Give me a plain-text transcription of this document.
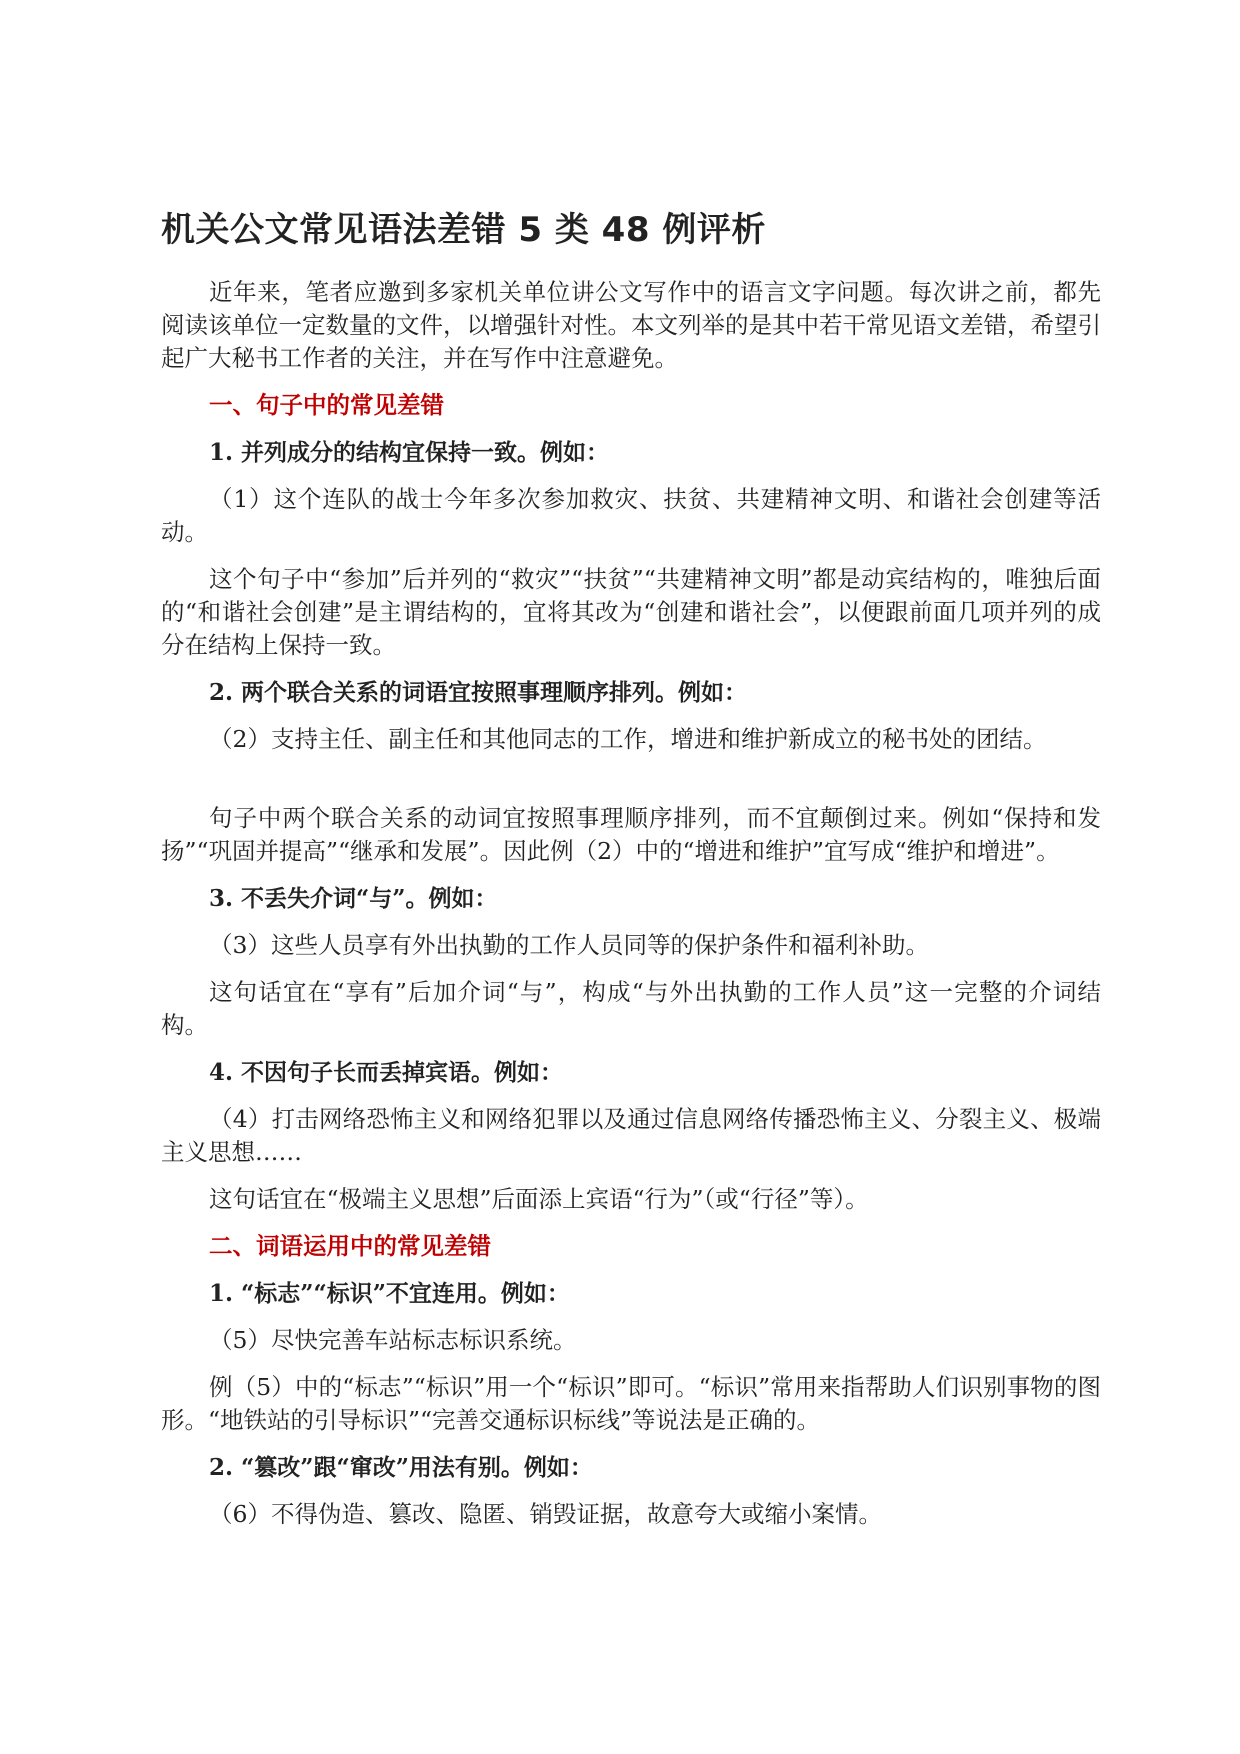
机关公文常见语法差错 5 类 48 例评析

近年来，笔者应邀到多家机关单位讲公文写作中的语言文字问题。每次讲之前，都先阅读该单位一定数量的文件，以增强针对性。本文列举的是其中若干常见语文差错，希望引起广大秘书工作者的关注，并在写作中注意避免。

一、句子中的常见差错

1. 并列成分的结构宜保持一致。例如：

（1）这个连队的战士今年多次参加救灾、扶贫、共建精神文明、和谐社会创建等活动。

这个句子中“参加”后并列的“救灾”“扶贫”“共建精神文明”都是动宾结构的，唯独后面的“和谐社会创建”是主谓结构的，宜将其改为“创建和谐社会”，以便跟前面几项并列的成分在结构上保持一致。

2. 两个联合关系的词语宜按照事理顺序排列。例如：

（2）支持主任、副主任和其他同志的工作，增进和维护新成立的秘书处的团结。

句子中两个联合关系的动词宜按照事理顺序排列，而不宜颠倒过来。例如“保持和发扬”“巩固并提高”“继承和发展”。因此例（2）中的“增进和维护”宜写成“维护和增进”。

3. 不丢失介词“与”。例如：

（3）这些人员享有外出执勤的工作人员同等的保护条件和福利补助。

这句话宜在“享有”后加介词“与”，构成“与外出执勤的工作人员”这一完整的介词结构。

4. 不因句子长而丢掉宾语。例如：

（4）打击网络恐怖主义和网络犯罪以及通过信息网络传播恐怖主义、分裂主义、极端主义思想……

这句话宜在“极端主义思想”后面添上宾语“行为”（或“行径”等）。

二、词语运用中的常见差错

1. “标志”“标识”不宜连用。例如：

（5）尽快完善车站标志标识系统。

例（5）中的“标志”“标识”用一个“标识”即可。“标识”常用来指帮助人们识别事物的图形。“地铁站的引导标识”“完善交通标识标线”等说法是正确的。

2. “篡改”跟“窜改”用法有别。例如：

（6）不得伪造、篡改、隐匿、销毁证据，故意夸大或缩小案情。
